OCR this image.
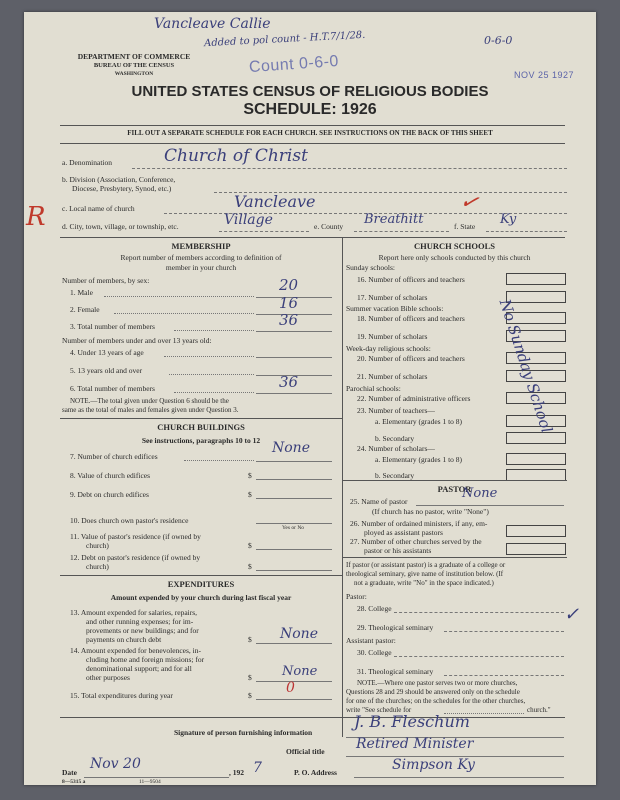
Vancleave Callie
Added to pol count - H.T.7/1/28.	0-6-0
Count 0-6-0	NOV 25 1927
DEPARTMENT OF COMMERCE
BUREAU OF THE CENSUS
WASHINGTON
UNITED STATES CENSUS OF RELIGIOUS BODIES
SCHEDULE: 1926
FILL OUT A SEPARATE SCHEDULE FOR EACH CHURCH. SEE INSTRUCTIONS ON THE BACK OF THIS SHEET
a. Denomination	Church of Christ
b. Division (Association, Conference,
Diocese, Presbytery, Synod, etc.)
c. Local name of church	Vancleave
d. City, town, village, or township, etc.	Village	e. County Breathitt	f. State Ky
✓
R
MEMBERSHIP
Report number of members according to definition of
member in your church
Number of members, by sex:
1. Male	20
2. Female	16
3. Total number of members	36
Number of members under and over 13 years old:
4. Under 13 years of age
5. 13 years old and over
6. Total number of members	36
NOTE.—The total given under Question 6 should be the
same as the total of males and females given under Question 3.
CHURCH BUILDINGS
See instructions, paragraphs 10 to 12
7. Number of church edifices
None
8. Value of church edifices	$
9. Debt on church edifices	$
10. Does church own pastor's residence
Yes or No
11. Value of pastor's residence (if owned by
church)	$
12. Debt on pastor's residence (if owned by
church)	$
EXPENDITURES
Amount expended by your church during last fiscal year
13. Amount expended for salaries, repairs,
and other running expenses; for im-
provements or new buildings; and for
payments on church debt	$ None
14. Amount expended for benevolences, in-
cluding home and foreign missions; for
denominational support; and for all
other purposes	$ None
15. Total expenditures during year	$ 0
CHURCH SCHOOLS
Report here only schools conducted by this church
Sunday schools:
16. Number of officers and teachers
17. Number of scholars
Summer vacation Bible schools:
18. Number of officers and teachers
19. Number of scholars
Week-day religious schools:
20. Number of officers and teachers
21. Number of scholars
Parochial schools:
22. Number of administrative officers
23. Number of teachers—
a. Elementary (grades 1 to 8)
b. Secondary
24. Number of scholars—
a. Elementary (grades 1 to 8)
b. Secondary
No Sunday School
PASTOR
25. Name of pastor
None
(If church has no pastor, write "None")
26. Number of ordained ministers, if any, em-
ployed as assistant pastors
27. Number of other churches served by the
pastor or his assistants
If pastor (or assistant pastor) is a graduate of a college or
theological seminary, give name of institution below. (If
not a graduate, write "No" in the space indicated.)
Pastor:
28. College
29. Theological seminary
✓
Assistant pastor:
30. College
31. Theological seminary
NOTE.—Where one pastor serves two or more churches,
Questions 28 and 29 should be answered only on the schedule
for one of the churches; on the schedules for the other churches,
write "See schedule for	church."
Signature of person furnishing information
J. B. Fleschum
Official title Retired Minister
Date
Nov 20
, 192 7	P. O. Address	Simpson Ky
8—5315 a	11—9504
